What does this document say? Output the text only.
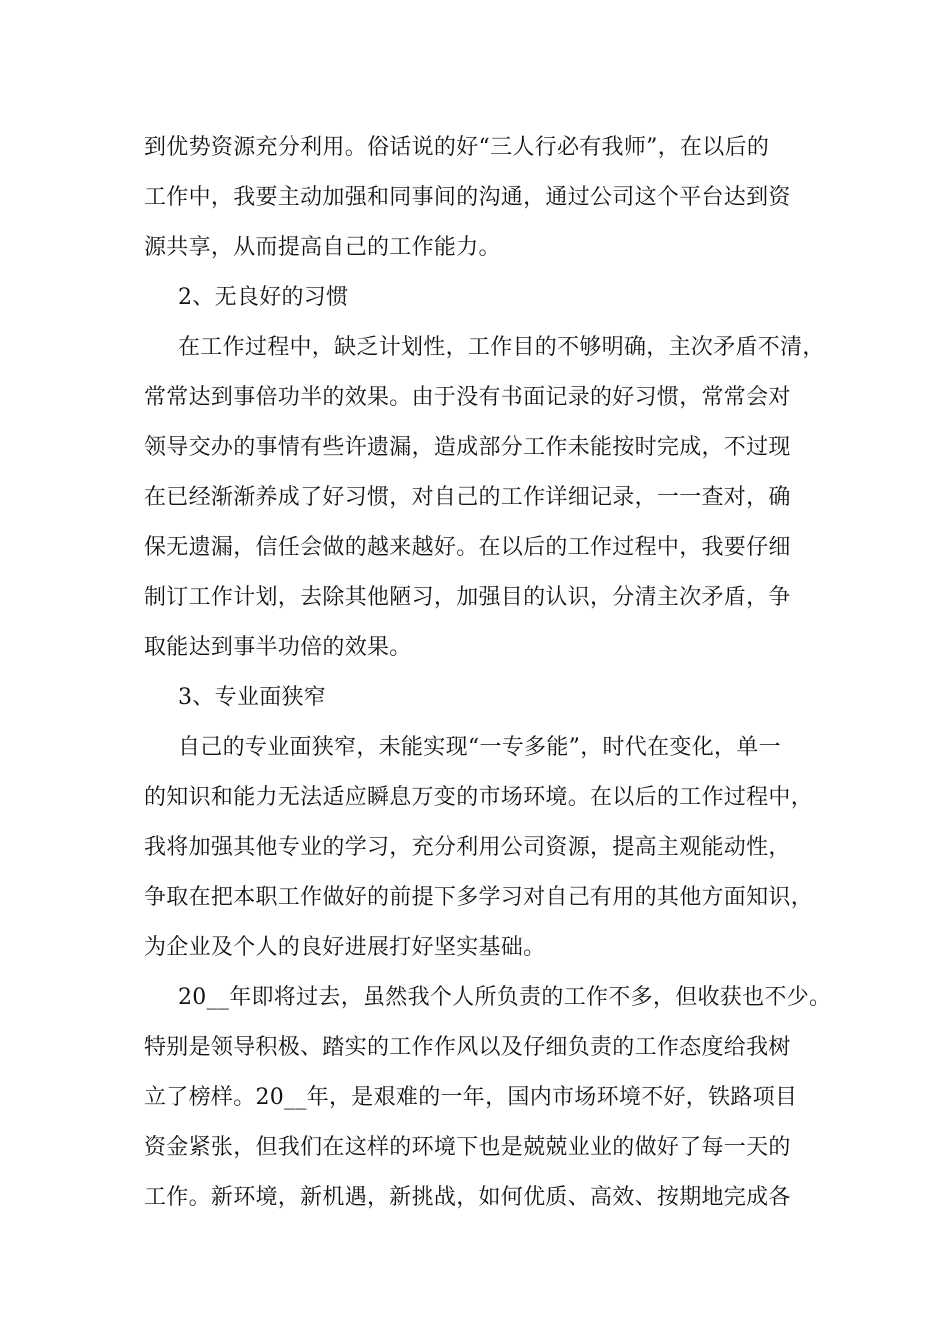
到优势资源充分利用。俗话说的好“三人行必有我师”，在以后的
工作中，我要主动加强和同事间的沟通，通过公司这个平台达到资
源共享，从而提高自己的工作能力。
2、无良好的习惯
在工作过程中，缺乏计划性，工作目的不够明确，主次矛盾不清，
常常达到事倍功半的效果。由于没有书面记录的好习惯，常常会对
领导交办的事情有些许遗漏，造成部分工作未能按时完成，不过现
在已经渐渐养成了好习惯，对自己的工作详细记录，一一查对，确
保无遗漏，信任会做的越来越好。在以后的工作过程中，我要仔细
制订工作计划，去除其他陋习，加强目的认识，分清主次矛盾，争
取能达到事半功倍的效果。
3、专业面狭窄
自己的专业面狭窄，未能实现“一专多能”，时代在变化，单一
的知识和能力无法适应瞬息万变的市场环境。在以后的工作过程中，
我将加强其他专业的学习，充分利用公司资源，提高主观能动性，
争取在把本职工作做好的前提下多学习对自己有用的其他方面知识，
为企业及个人的良好进展打好坚实基础。
20__年即将过去，虽然我个人所负责的工作不多，但收获也不少。
特别是领导积极、踏实的工作作风以及仔细负责的工作态度给我树
立了榜样。20__年，是艰难的一年，国内市场环境不好，铁路项目
资金紧张，但我们在这样的环境下也是兢兢业业的做好了每一天的
工作。新环境，新机遇，新挑战，如何优质、高效、按期地完成各
